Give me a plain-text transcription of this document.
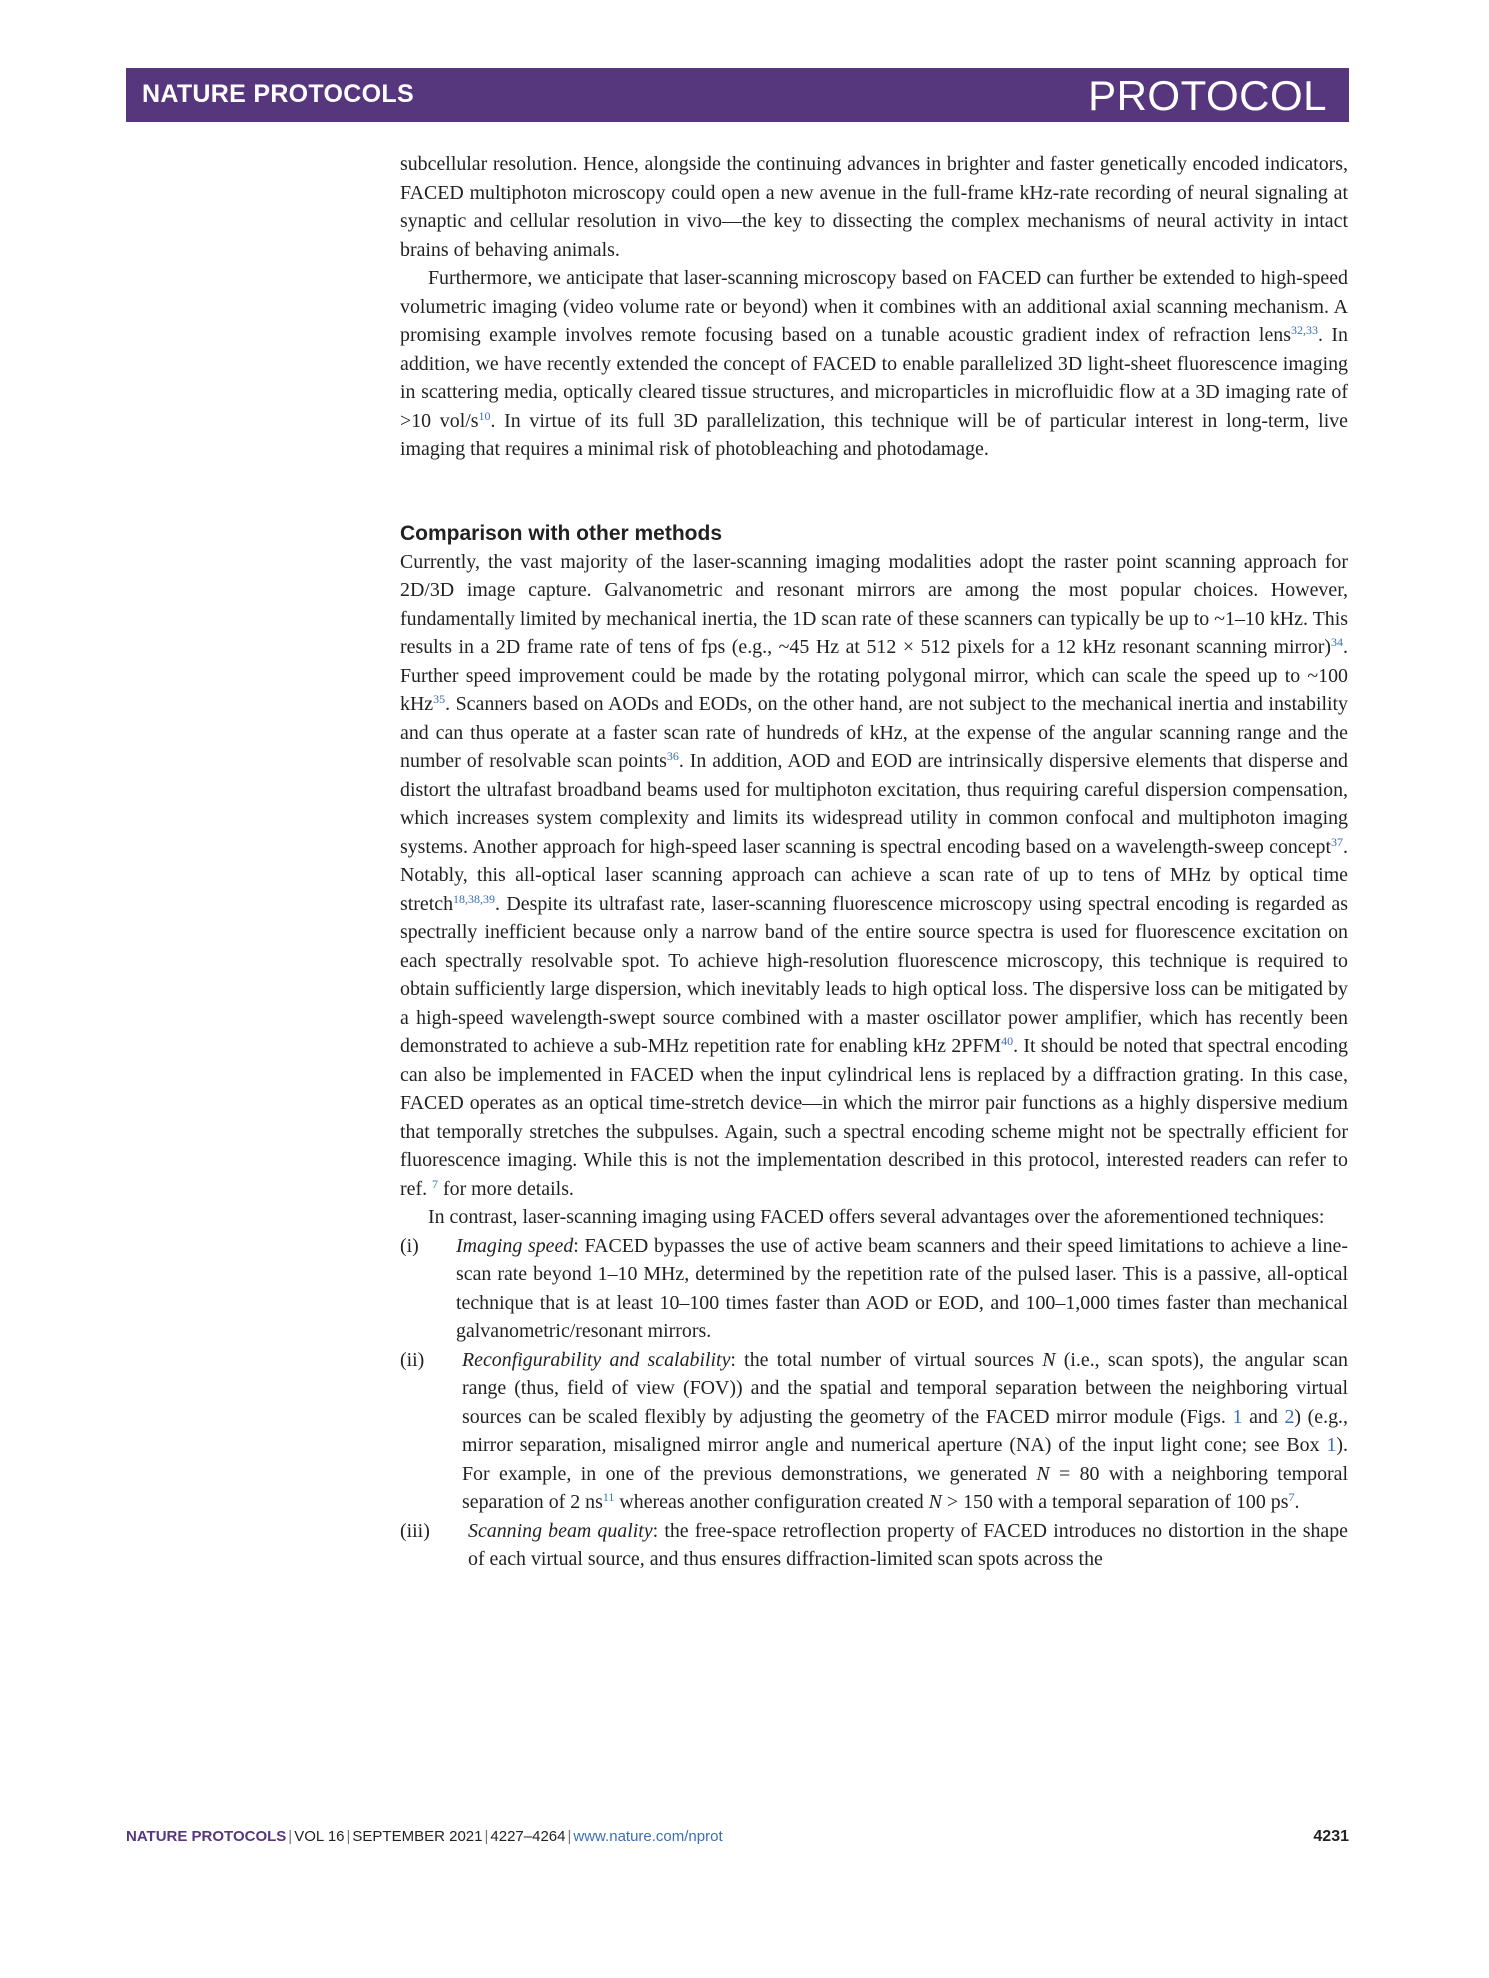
NATURE PROTOCOLS	PROTOCOL

subcellular resolution. Hence, alongside the continuing advances in brighter and faster genetically encoded indicators, FACED multiphoton microscopy could open a new avenue in the full-frame kHz-rate recording of neural signaling at synaptic and cellular resolution in vivo—the key to dissecting the complex mechanisms of neural activity in intact brains of behaving animals.

Furthermore, we anticipate that laser-scanning microscopy based on FACED can further be extended to high-speed volumetric imaging (video volume rate or beyond) when it combines with an additional axial scanning mechanism. A promising example involves remote focusing based on a tunable acoustic gradient index of refraction lens$^{32,33}$. In addition, we have recently extended the concept of FACED to enable parallelized 3D light-sheet fluorescence imaging in scattering media, optically cleared tissue structures, and microparticles in microfluidic flow at a 3D imaging rate of >10 vol/s$^{10}$. In virtue of its full 3D parallelization, this technique will be of particular interest in long-term, live imaging that requires a minimal risk of photobleaching and photodamage.

Comparison with other methods

Currently, the vast majority of the laser-scanning imaging modalities adopt the raster point scanning approach for 2D/3D image capture. Galvanometric and resonant mirrors are among the most popular choices. However, fundamentally limited by mechanical inertia, the 1D scan rate of these scanners can typically be up to ~1–10 kHz. This results in a 2D frame rate of tens of fps (e.g., ~45 Hz at 512 × 512 pixels for a 12 kHz resonant scanning mirror)$^{34}$. Further speed improvement could be made by the rotating polygonal mirror, which can scale the speed up to ~100 kHz$^{35}$. Scanners based on AODs and EODs, on the other hand, are not subject to the mechanical inertia and instability and can thus operate at a faster scan rate of hundreds of kHz, at the expense of the angular scanning range and the number of resolvable scan points$^{36}$. In addition, AOD and EOD are intrinsically dispersive elements that disperse and distort the ultrafast broadband beams used for multiphoton excitation, thus requiring careful dispersion compensation, which increases system complexity and limits its widespread utility in common confocal and multiphoton imaging systems. Another approach for high-speed laser scanning is spectral encoding based on a wavelength-sweep concept$^{37}$. Notably, this all-optical laser scanning approach can achieve a scan rate of up to tens of MHz by optical time stretch$^{18,38,39}$. Despite its ultrafast rate, laser-scanning fluorescence microscopy using spectral encoding is regarded as spectrally inefficient because only a narrow band of the entire source spectra is used for fluorescence excitation on each spectrally resolvable spot. To achieve high-resolution fluorescence microscopy, this technique is required to obtain sufficiently large dispersion, which inevitably leads to high optical loss. The dispersive loss can be mitigated by a high-speed wavelength-swept source combined with a master oscillator power amplifier, which has recently been demonstrated to achieve a sub-MHz repetition rate for enabling kHz 2PFM$^{40}$. It should be noted that spectral encoding can also be implemented in FACED when the input cylindrical lens is replaced by a diffraction grating. In this case, FACED operates as an optical time-stretch device—in which the mirror pair functions as a highly dispersive medium that temporally stretches the subpulses. Again, such a spectral encoding scheme might not be spectrally efficient for fluorescence imaging. While this is not the implementation described in this protocol, interested readers can refer to ref. $^7$ for more details.

In contrast, laser-scanning imaging using FACED offers several advantages over the aforementioned techniques:

(i)	Imaging speed: FACED bypasses the use of active beam scanners and their speed limitations to achieve a line-scan rate beyond 1–10 MHz, determined by the repetition rate of the pulsed laser. This is a passive, all-optical technique that is at least 10–100 times faster than AOD or EOD, and 100–1,000 times faster than mechanical galvanometric/resonant mirrors.
(ii)	Reconfigurability and scalability: the total number of virtual sources N (i.e., scan spots), the angular scan range (thus, field of view (FOV)) and the spatial and temporal separation between the neighboring virtual sources can be scaled flexibly by adjusting the geometry of the FACED mirror module (Figs. 1 and 2) (e.g., mirror separation, misaligned mirror angle and numerical aperture (NA) of the input light cone; see Box 1). For example, in one of the previous demonstrations, we generated N = 80 with a neighboring temporal separation of 2 ns$^{11}$ whereas another configuration created N > 150 with a temporal separation of 100 ps$^7$.
(iii)	Scanning beam quality: the free-space retroflection property of FACED introduces no distortion in the shape of each virtual source, and thus ensures diffraction-limited scan spots across the
NATURE PROTOCOLS | VOL 16 | SEPTEMBER 2021 | 4227–4264 | www.nature.com/nprot	4231
